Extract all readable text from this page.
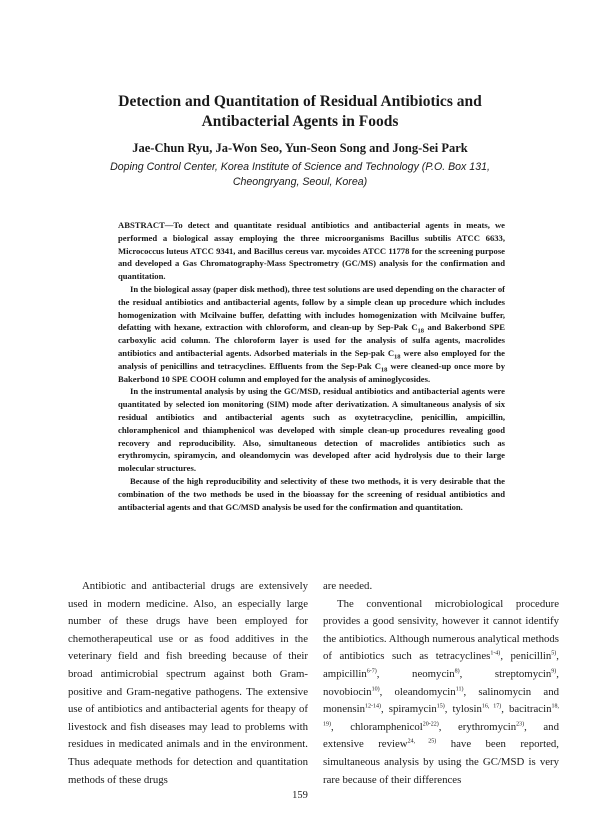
Detection and Quantitation of Residual Antibiotics and
Antibacterial Agents in Foods
Jae-Chun Ryu, Ja-Won Seo, Yun-Seon Song and Jong-Sei Park
Doping Control Center, Korea Institute of Science and Technology (P.O. Box 131,
Cheongryang, Seoul, Korea)

ABSTRACT—To detect and quantitate residual antibiotics and antibacterial agents in meats, we performed a biological assay employing the three microorganisms Bacillus subtilis ATCC 6633, Micrococcus luteus ATCC 9341, and Bacillus cereus var. mycoides ATCC 11778 for the screening purpose and developed a Gas Chromatography-Mass Spectrometry (GC/MS) analysis for the confirmation and quantitation.

In the biological assay (paper disk method), three test solutions are used depending on the character of the residual antibiotics and antibacterial agents, follow by a simple clean up procedure which includes homogenization with Mcilvaine buffer, defatting with includes homogenization with Mcilvaine buffer, defatting with hexane, extraction with chloroform, and clean-up by Sep-Pak $C_{18}$ and Bakerbond SPE carboxylic acid column. The chloroform layer is used for the analysis of sulfa agents, macrolides antibiotics and antibacterial agents. Adsorbed materials in the Sep-pak $C_{18}$ were also employed for the analysis of penicillins and tetracyclines. Effluents from the Sep-Pak $C_{18}$ were cleaned-up once more by Bakerbond 10 SPE COOH column and employed for the analysis of aminoglycosides.

In the instrumental analysis by using the GC/MSD, residual antibiotics and antibacterial agents were quantitated by selected ion monitoring (SIM) mode after derivatization. A simultaneous analysis of six residual antibiotics and antibacterial agents such as oxytetracycline, penicillin, ampicillin, chloramphenicol and thiamphenicol was developed with simple clean-up procedures revealing good recovery and reproducibility. Also, simultaneous detection of macrolides antibiotics such as erythromycin, spiramycin, and oleandomycin was developed after acid hydrolysis due to their large molecular structures.

Because of the high reproducibility and selectivity of these two methods, it is very desirable that the combination of the two methods be used in the bioassay for the screening of residual antibiotics and antibacterial agents and that GC/MSD analysis be used for the confirmation and quantitation.

Antibiotic and antibacterial drugs are extensively used in modern medicine. Also, an especially large number of these drugs have been employed for chemotherapeutical use or as food additives in the veterinary field and fish breeding because of their broad antimicrobial spectrum against both Gram-positive and Gram-negative pathogens. The extensive use of antibiotics and antibacterial agents for theapy of livestock and fish diseases may lead to problems with residues in medicated animals and in the environment. Thus adequate methods for detection and quantitation methods of these drugs

are needed.

The conventional microbiological procedure provides a good sensivity, however it cannot identify the antibiotics. Although numerous analytical methods of antibiotics such as tetracyclines$^{1-4)}$, penicillin$^{5)}$, ampicillin$^{6-7)}$, neomycin$^{8)}$, streptomycin$^{9)}$, novobiocin$^{10)}$, oleandomycin$^{11)}$, salinomycin and monensin$^{12-14)}$, spiramycin$^{15)}$, tylosin$^{16, 17)}$, bacitracin$^{18, 19)}$, chloramphenicol$^{20-22)}$, erythromycin$^{23)}$, and extensive review$^{24, 25)}$ have been reported, simultaneous analysis by using the GC/MSD is very rare because of their differences

159
